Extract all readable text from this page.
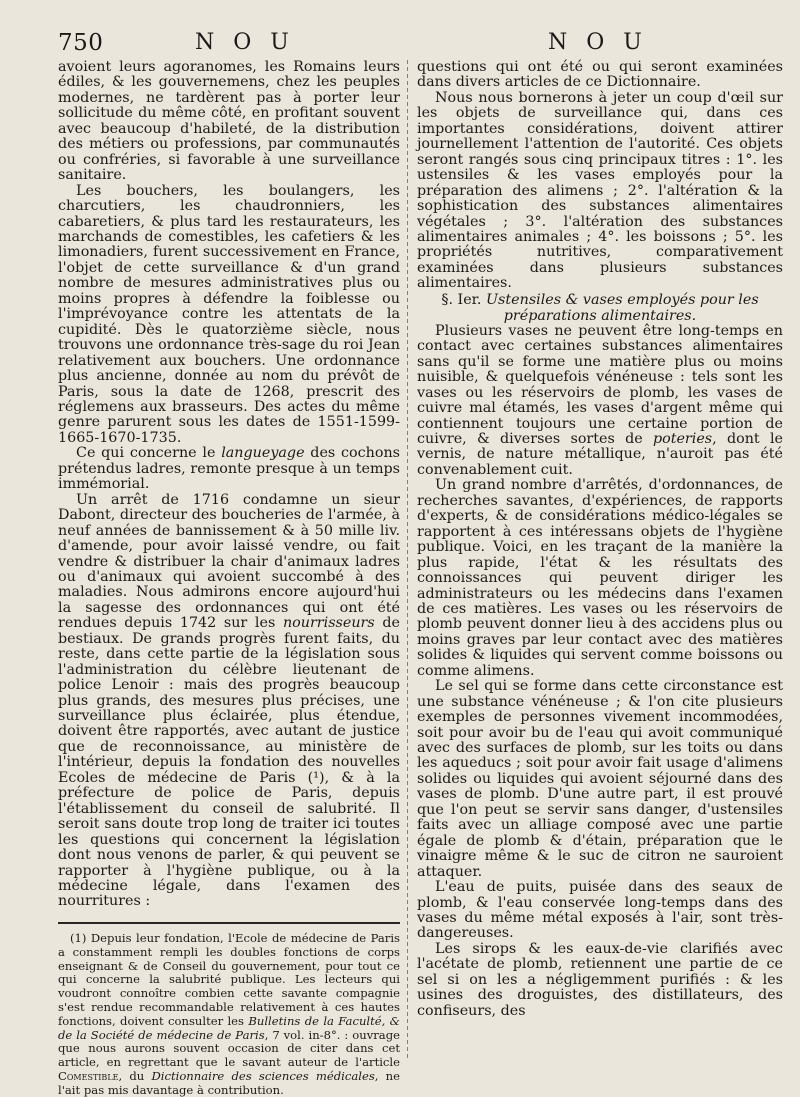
750	N O U	N O U

avoient leurs agoranomes, les Romains leurs édiles, & les gouvernemens, chez les peuples modernes, ne tardèrent pas à porter leur sollicitude du même côté, en profitant souvent avec beaucoup d'habileté, de la distribution des métiers ou professions, par communautés ou confréries, si favorable à une surveillance sanitaire.

Les bouchers, les boulangers, les charcutiers, les chaudronniers, les cabaretiers, & plus tard les restaurateurs, les marchands de comestibles, les cafetiers & les limonadiers, furent successivement en France, l'objet de cette surveillance & d'un grand nombre de mesures administratives plus ou moins propres à défendre la foiblesse ou l'imprévoyance contre les attentats de la cupidité. Dès le quatorzième siècle, nous trouvons une ordonnance très-sage du roi Jean relativement aux bouchers. Une ordonnance plus ancienne, donnée au nom du prévôt de Paris, sous la date de 1268, prescrit des réglemens aux brasseurs. Des actes du même genre parurent sous les dates de 1551-1599-1665-1670-1735.

Ce qui concerne le langueyage des cochons prétendus ladres, remonte presque à un temps immémorial.

Un arrêt de 1716 condamne un sieur Dabont, directeur des boucheries de l'armée, à neuf années de bannissement & à 50 mille liv. d'amende, pour avoir laissé vendre, ou fait vendre & distribuer la chair d'animaux ladres ou d'animaux qui avoient succombé à des maladies. Nous admirons encore aujourd'hui la sagesse des ordonnances qui ont été rendues depuis 1742 sur les nourrisseurs de bestiaux. De grands progrès furent faits, du reste, dans cette partie de la législation sous l'administration du célèbre lieutenant de police Lenoir : mais des progrès beaucoup plus grands, des mesures plus précises, une surveillance plus éclairée, plus étendue, doivent être rapportés, avec autant de justice que de reconnoissance, au ministère de l'intérieur, depuis la fondation des nouvelles Ecoles de médecine de Paris (¹), & à la préfecture de police de Paris, depuis l'établissement du conseil de salubrité. Il seroit sans doute trop long de traiter ici toutes les questions qui concernent la législation dont nous venons de parler, & qui peuvent se rapporter à l'hygiène publique, ou à la médecine légale, dans l'examen des nourritures :

(1) Depuis leur fondation, l'Ecole de médecine de Paris a constamment rempli les doubles fonctions de corps enseignant & de Conseil du gouvernement, pour tout ce qui concerne la salubrité publique. Les lecteurs qui voudront connoître combien cette savante compagnie s'est rendue recommandable relativement à ces hautes fonctions, doivent consulter les Bulletins de la Faculté, & de la Société de médecine de Paris, 7 vol. in-8°. : ouvrage que nous aurons souvent occasion de citer dans cet article, en regrettant que le savant auteur de l'article Comestible, du Dictionnaire des sciences médicales, ne l'ait pas mis davantage à contribution.

questions qui ont été ou qui seront examinées dans divers articles de ce Dictionnaire.

Nous nous bornerons à jeter un coup d'œil sur les objets de surveillance qui, dans ces importantes considérations, doivent attirer journellement l'attention de l'autorité. Ces objets seront rangés sous cinq principaux titres : 1°. les ustensiles & les vases employés pour la préparation des alimens ; 2°. l'altération & la sophistication des substances alimentaires végétales ; 3°. l'altération des substances alimentaires animales ; 4°. les boissons ; 5°. les propriétés nutritives, comparativement examinées dans plusieurs substances alimentaires.

§. Ier. Ustensiles & vases employés pour les préparations alimentaires.

Plusieurs vases ne peuvent être long-temps en contact avec certaines substances alimentaires sans qu'il se forme une matière plus ou moins nuisible, & quelquefois vénéneuse : tels sont les vases ou les réservoirs de plomb, les vases de cuivre mal étamés, les vases d'argent même qui contiennent toujours une certaine portion de cuivre, & diverses sortes de poteries, dont le vernis, de nature métallique, n'auroit pas été convenablement cuit.

Un grand nombre d'arrêtés, d'ordonnances, de recherches savantes, d'expériences, de rapports d'experts, & de considérations médico-légales se rapportent à ces intéressans objets de l'hygiène publique. Voici, en les traçant de la manière la plus rapide, l'état & les résultats des connoissances qui peuvent diriger les administrateurs ou les médecins dans l'examen de ces matières. Les vases ou les réservoirs de plomb peuvent donner lieu à des accidens plus ou moins graves par leur contact avec des matières solides & liquides qui servent comme boissons ou comme alimens.

Le sel qui se forme dans cette circonstance est une substance vénéneuse ; & l'on cite plusieurs exemples de personnes vivement incommodées, soit pour avoir bu de l'eau qui avoit communiqué avec des surfaces de plomb, sur les toits ou dans les aqueducs ; soit pour avoir fait usage d'alimens solides ou liquides qui avoient séjourné dans des vases de plomb. D'une autre part, il est prouvé que l'on peut se servir sans danger, d'ustensiles faits avec un alliage composé avec une partie égale de plomb & d'étain, préparation que le vinaigre même & le suc de citron ne sauroient attaquer.

L'eau de puits, puisée dans des seaux de plomb, & l'eau conservée long-temps dans des vases du même métal exposés à l'air, sont très-dangereuses.

Les sirops & les eaux-de-vie clarifiés avec l'acétate de plomb, retiennent une partie de ce sel si on les a négligemment purifiés : & les usines des droguistes, des distillateurs, des confiseurs, des
